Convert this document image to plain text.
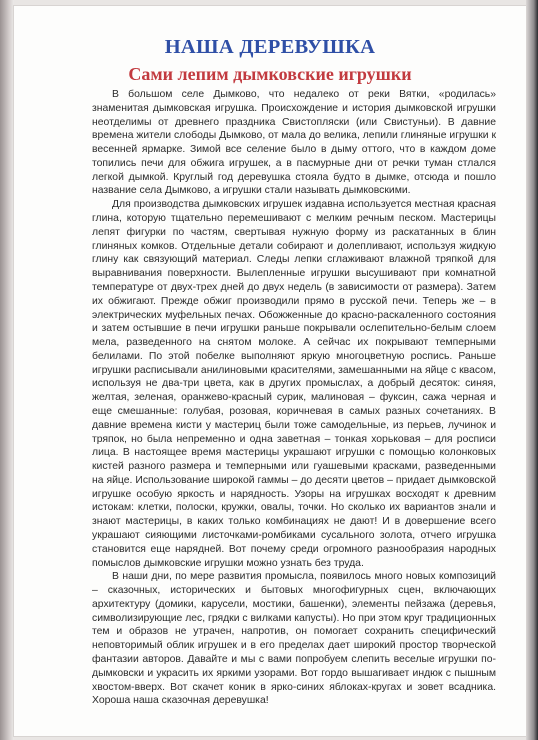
НАША ДЕРЕВУШКА
Сами лепим дымковские игрушки

В большом селе Дымково, что недалеко от реки Вятки, «родилась» знаменитая дымковская игрушка. Происхождение и история дымковской игрушки неотделимы от древнего праздника Свистопляски (или Свистуньи). В давние времена жители слободы Дымково, от мала до велика, лепили глиняные игрушки к весенней ярмарке. Зимой все селение было в дыму оттого, что в каждом доме топились печи для обжига игрушек, а в пасмурные дни от речки туман стлался легкой дымкой. Круглый год деревушка стояла будто в дымке, отсюда и пошло название села Дымково, а игрушки стали называть дымковскими.

Для производства дымковских игрушек издавна используется местная красная глина, которую тщательно перемешивают с мелким речным песком. Мастерицы лепят фигурки по частям, свертывая нужную форму из раскатанных в блин глиняных комков. Отдельные детали собирают и долепливают, используя жидкую глину как связующий материал. Следы лепки сглаживают влажной тряпкой для выравнивания поверхности. Вылепленные игрушки высушивают при комнатной температуре от двух-трех дней до двух недель (в зависимости от размера). Затем их обжигают. Прежде обжиг производили прямо в русской печи. Теперь же – в электрических муфельных печах. Обожженные до красно-раскаленного состояния и затем остывшие в печи игрушки раньше покрывали ослепительно-белым слоем мела, разведенного на снятом молоке. А сейчас их покрывают темперными белилами. По этой побелке выполняют яркую многоцветную роспись. Раньше игрушки расписывали анилиновыми красителями, замешанными на яйце с квасом, используя не два-три цвета, как в других промыслах, а добрый десяток: синяя, желтая, зеленая, оранжево-красный сурик, малиновая – фуксин, сажа черная и еще смешанные: голубая, розовая, коричневая в самых разных сочетаниях. В давние времена кисти у мастериц были тоже самодельные, из перьев, лучинок и тряпок, но была непременно и одна заветная – тонкая хорьковая – для росписи лица. В настоящее время мастерицы украшают игрушки с помощью колонковых кистей разного размера и темперными или гуашевыми красками, разведенными на яйце. Использование широкой гаммы – до десяти цветов – придает дымковской игрушке особую яркость и нарядность. Узоры на игрушках восходят к древним истокам: клетки, полоски, кружки, овалы, точки. Но сколько их вариантов знали и знают мастерицы, в каких только комбинациях не дают! И в довершение всего украшают сияющими листочками-ромбиками сусального золота, отчего игрушка становится еще нарядней. Вот почему среди огромного разнообразия народных помыслов дымковские игрушки можно узнать без труда.

В наши дни, по мере развития промысла, появилось много новых композиций – сказочных, исторических и бытовых многофигурных сцен, включающих архитектуру (домики, карусели, мостики, башенки), элементы пейзажа (деревья, символизирующие лес, грядки с вилками капусты). Но при этом круг традиционных тем и образов не утрачен, напротив, он помогает сохранить специфический неповторимый облик игрушек и в его пределах дает широкий простор творческой фантазии авторов. Давайте и мы с вами попробуем слепить веселые игрушки по-дымковски и украсить их яркими узорами. Вот гордо вышагивает индюк с пышным хвостом-вверх. Вот скачет коник в ярко-синих яблоках-кругах и зовет всадника. Хороша наша сказочная деревушка!
